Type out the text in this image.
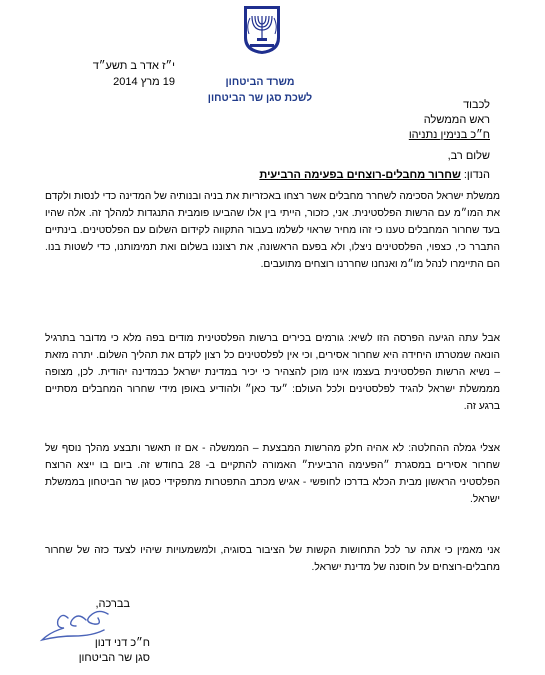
י״ז אדר ב תשע״ד
19 מרץ 2014	משרד הביטחון
לשכת סגן שר הביטחון
לכבוד
ראש הממשלה
ח״כ בנימין נתניהו
שלום רב,
הנדון: שחרור מחבלים-רוצחים בפעימה הרביעית
ממשלת ישראל הסכימה לשחרר מחבלים אשר רצחו באכזריות את בניה ובנותיה של המדינה כדי לנסות ולקדם את המו״מ עם הרשות הפלסטינית. אני, כזכור, הייתי בין אלו שהביעו פומבית התנגדות למהלך זה. אלה שהיו בעד שחרור המחבלים טענו כי זהו מחיר שראוי לשלמו בעבור התקווה לקידום השלום עם הפלסטינים. בינתיים התברר כי, כצפוי, הפלסטינים ניצלו, ולא בפעם הראשונה, את רצוננו בשלום ואת תמימותנו, כדי לשטות בנו. הם התיימרו לנהל מו״מ ואנחנו שחררנו רוצחים מתועבים.
אבל עתה הגיעה הפרסה הזו לשיא: גורמים בכירים ברשות הפלסטינית מודים בפה מלא כי מדובר בתרגיל הונאה שמטרתו היחידה היא שחרור אסירים, וכי אין לפלסטינים כל רצון לקדם את תהליך השלום. יתרה מזאת – נשיא הרשות הפלסטינית בעצמו אינו מוכן להצהיר כי יכיר במדינת ישראל כבמדינה יהודית. לכן, מצופה מממשלת ישראל להגיד לפלסטינים ולכל העולם: ״עד כאן״ ולהודיע באופן מידי שחרור המחבלים מסתיים ברגע זה.
אצלי גמלה ההחלטה: לא אהיה חלק מהרשות המבצעת – הממשלה - אם זו תאשר ותבצע מהלך נוסף של שחרור אסירים במסגרת ״הפעימה הרביעית״ האמורה להתקיים ב- 28 בחודש זה. ביום בו ייצא הרוצח הפלסטיני הראשון מבית הכלא בדרכו לחופשי - אגיש מכתב התפטרות מתפקידי כסגן שר הביטחון בממשלת ישראל.
אני מאמין כי אתה ער לכל התחושות הקשות של הציבור בסוגיה, ולמשמעויות שיהיו לצעד כזה של שחרור מחבלים-רוצחים על חוסנה של מדינת ישראל.
בברכה,
ח״כ דני דנון
סגן שר הביטחון
